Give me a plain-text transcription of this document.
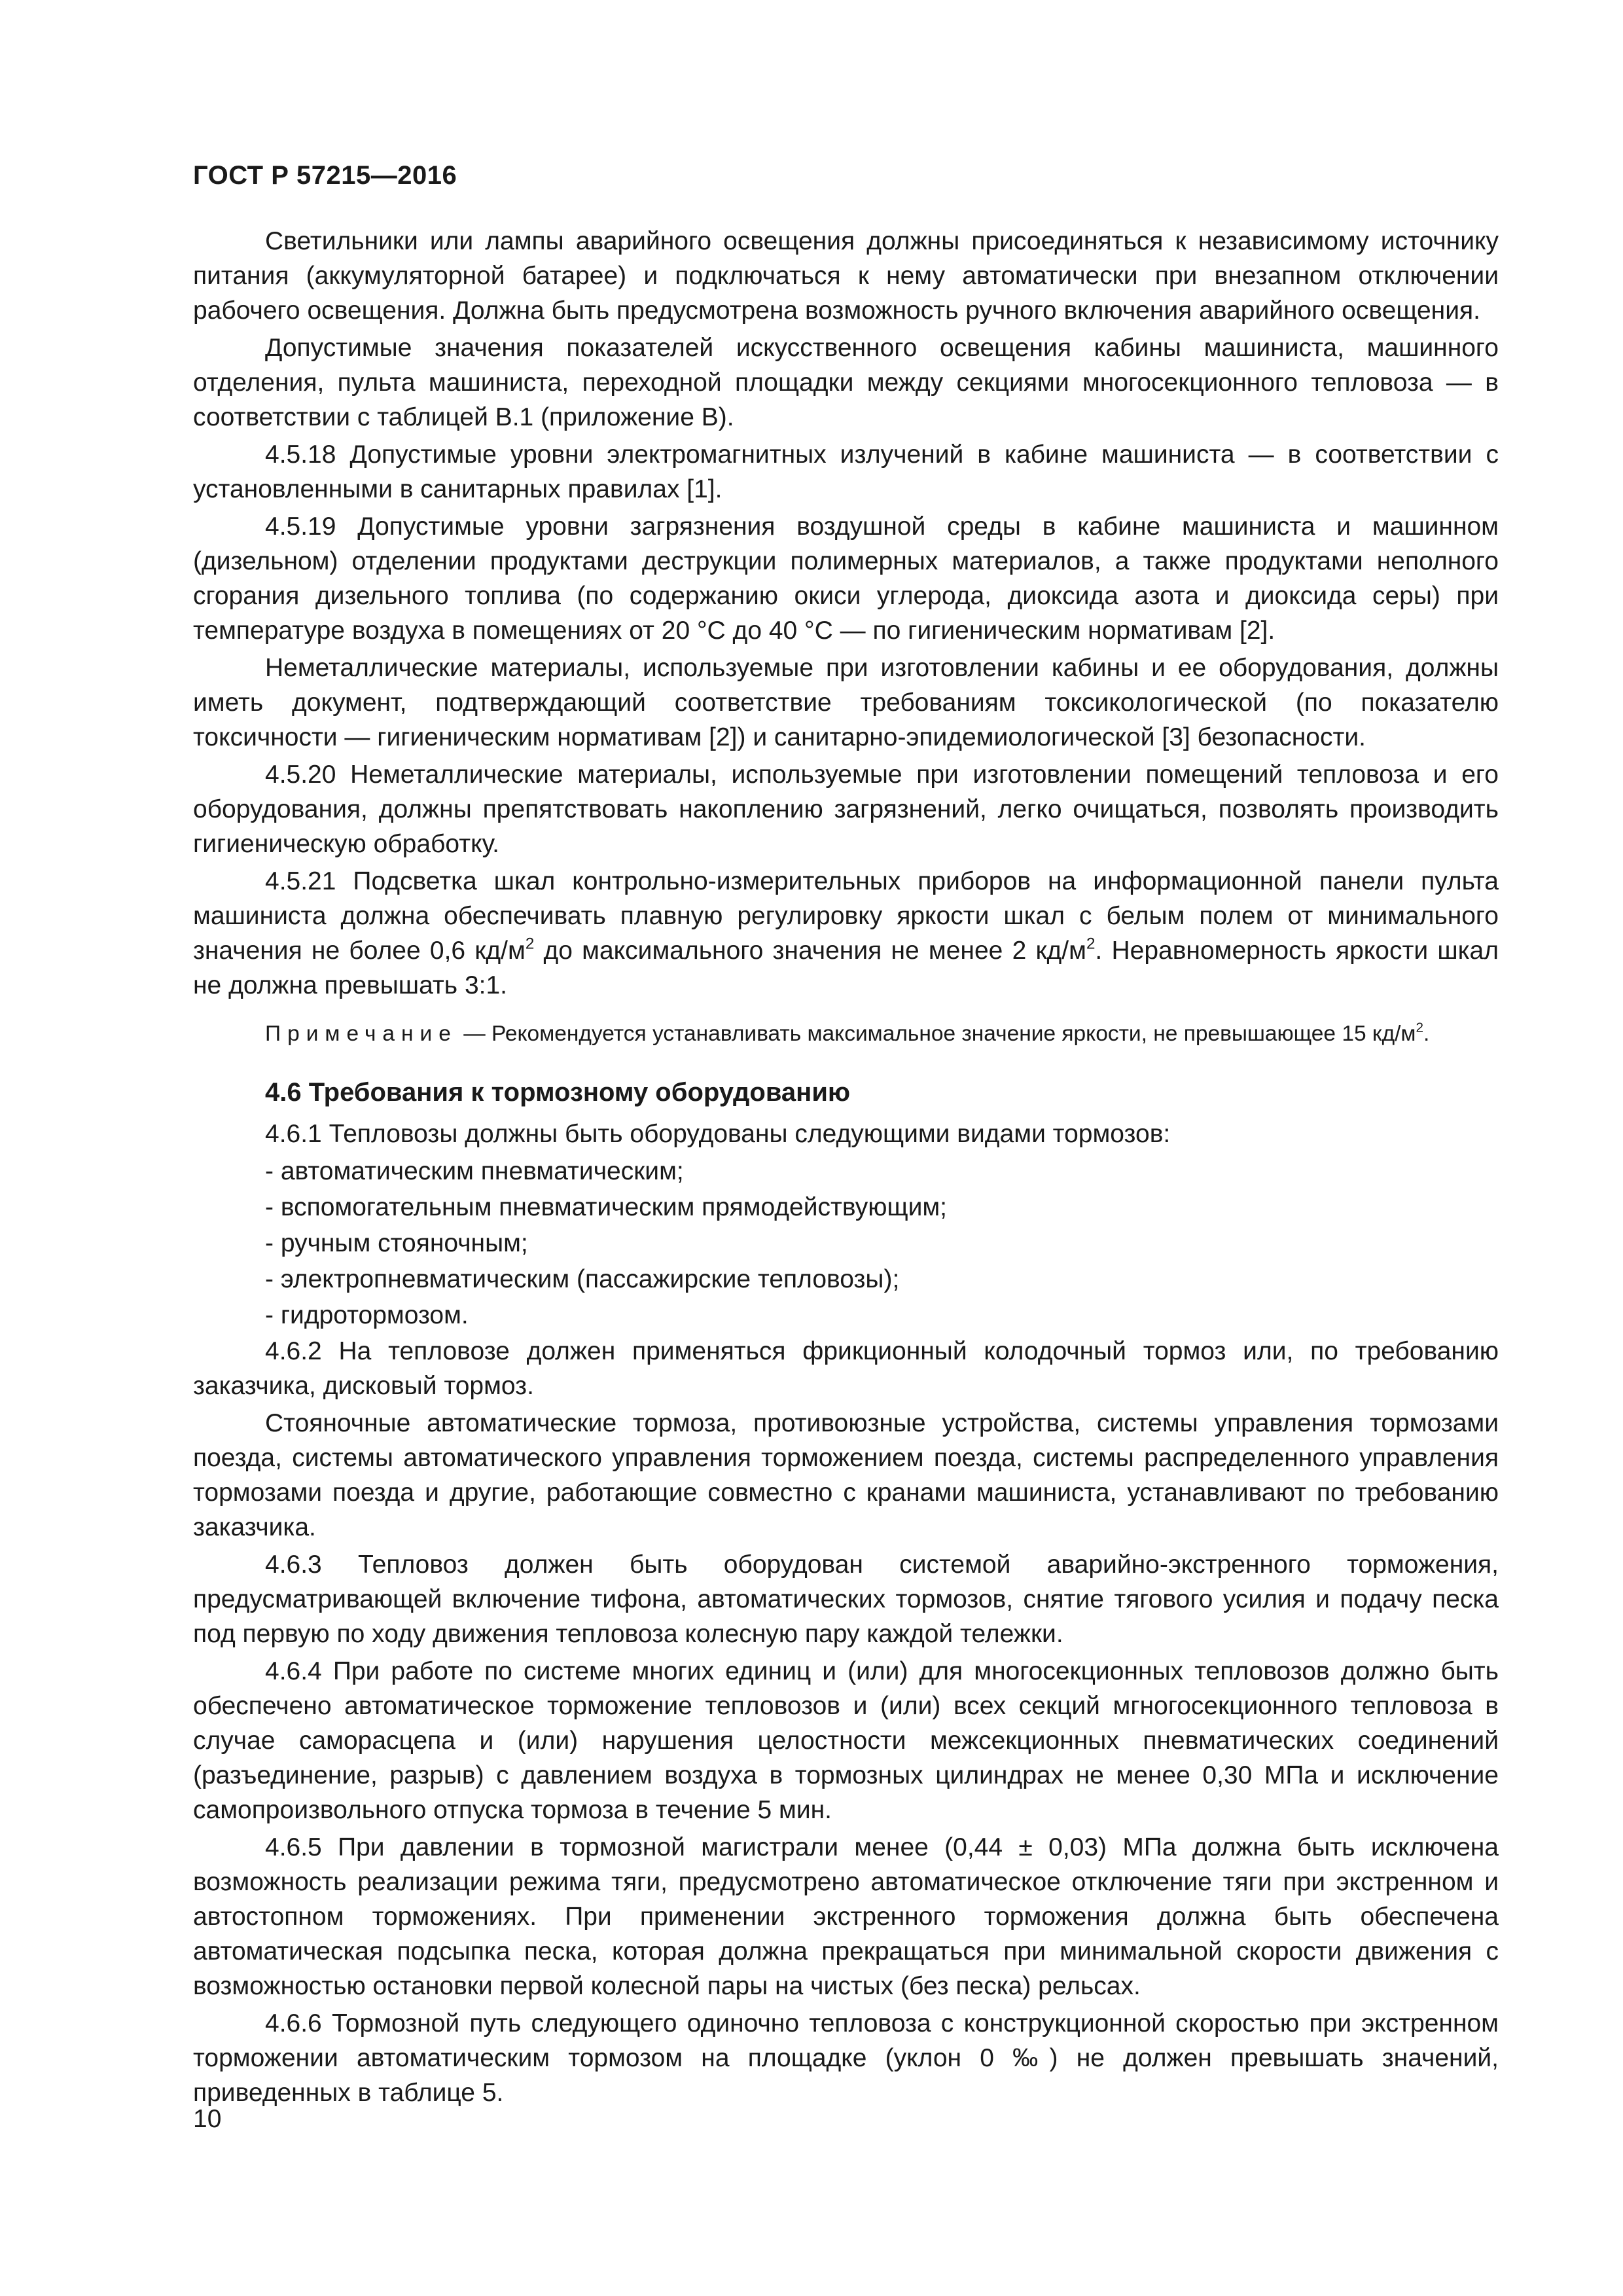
ГОСТ Р 57215—2016

Светильники или лампы аварийного освещения должны присоединяться к независимому источнику питания (аккумуляторной батарее) и подключаться к нему автоматически при внезапном отключении рабочего освещения. Должна быть предусмотрена возможность ручного включения аварийного освещения.

Допустимые значения показателей искусственного освещения кабины машиниста, машинного отделения, пульта машиниста, переходной площадки между секциями многосекционного тепловоза — в соответствии с таблицей В.1 (приложение В).

4.5.18 Допустимые уровни электромагнитных излучений в кабине машиниста — в соответствии с установленными в санитарных правилах [1].

4.5.19 Допустимые уровни загрязнения воздушной среды в кабине машиниста и машинном (дизельном) отделении продуктами деструкции полимерных материалов, а также продуктами неполного сгорания дизельного топлива (по содержанию окиси углерода, диоксида азота и диоксида серы) при температуре воздуха в помещениях от 20 °С до 40 °С — по гигиеническим нормативам [2].

Неметаллические материалы, используемые при изготовлении кабины и ее оборудования, должны иметь документ, подтверждающий соответствие требованиям токсикологической (по показателю токсичности — гигиеническим нормативам [2]) и санитарно-эпидемиологической [3] безопасности.

4.5.20 Неметаллические материалы, используемые при изготовлении помещений тепловоза и его оборудования, должны препятствовать накоплению загрязнений, легко очищаться, позволять производить гигиеническую обработку.

4.5.21 Подсветка шкал контрольно-измерительных приборов на информационной панели пульта машиниста должна обеспечивать плавную регулировку яркости шкал с белым полем от минимального значения не более 0,6 $кд/м^2$ до максимального значения не менее 2 $кд/м^2$. Неравномерность яркости шкал не должна превышать 3:1.

Примечание — Рекомендуется устанавливать максимальное значение яркости, не превышающее 15 $кд/м^2$.

4.6 Требования к тормозному оборудованию

4.6.1 Тепловозы должны быть оборудованы следующими видами тормозов:

- автоматическим пневматическим;

- вспомогательным пневматическим прямодействующим;

- ручным стояночным;

- электропневматическим (пассажирские тепловозы);

- гидротормозом.

4.6.2 На тепловозе должен применяться фрикционный колодочный тормоз или, по требованию заказчика, дисковый тормоз.

Стояночные автоматические тормоза, противоюзные устройства, системы управления тормозами поезда, системы автоматического управления торможением поезда, системы распределенного управления тормозами поезда и другие, работающие совместно с кранами машиниста, устанавливают по требованию заказчика.

4.6.3 Тепловоз должен быть оборудован системой аварийно-экстренного торможения, предусматривающей включение тифона, автоматических тормозов, снятие тягового усилия и подачу песка под первую по ходу движения тепловоза колесную пару каждой тележки.

4.6.4 При работе по системе многих единиц и (или) для многосекционных тепловозов должно быть обеспечено автоматическое торможение тепловозов и (или) всех секций мгногосекционного тепловоза в случае саморасцепа и (или) нарушения целостности межсекционных пневматических соединений (разъединение, разрыв) с давлением воздуха в тормозных цилиндрах не менее 0,30 МПа и исключение самопроизвольного отпуска тормоза в течение 5 мин.

4.6.5 При давлении в тормозной магистрали менее (0,44 ± 0,03) МПа должна быть исключена возможность реализации режима тяги, предусмотрено автоматическое отключение тяги при экстренном и автостопном торможениях. При применении экстренного торможения должна быть обеспечена автоматическая подсыпка песка, которая должна прекращаться при минимальной скорости движения с возможностью остановки первой колесной пары на чистых (без песка) рельсах.

4.6.6 Тормозной путь следующего одиночно тепловоза с конструкционной скоростью при экстренном торможении автоматическим тормозом на площадке (уклон 0 ‰) не должен превышать значений, приведенных в таблице 5.

10
